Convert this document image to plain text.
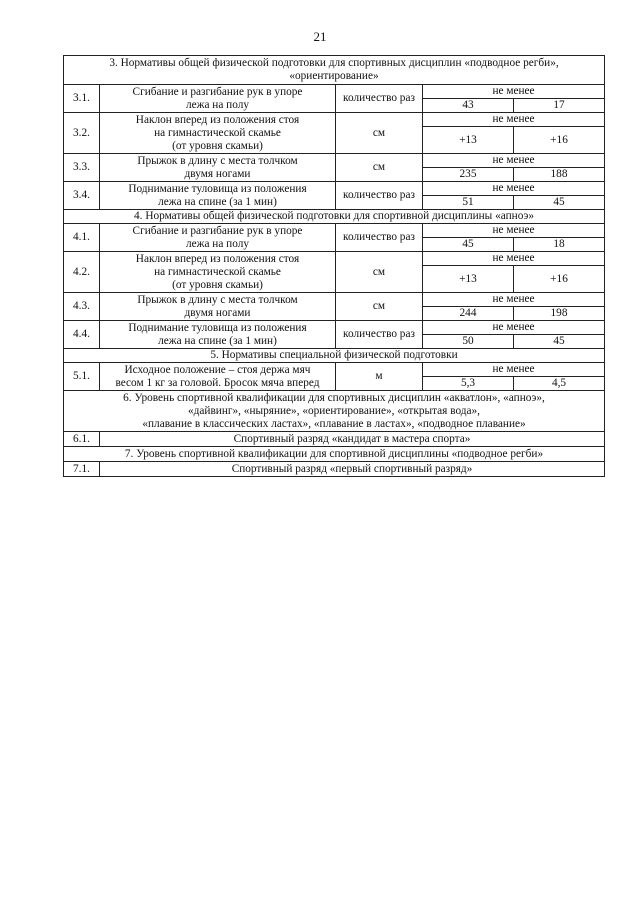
21
3. Нормативы общей физической подготовки для спортивных дисциплин «подводное регби», «ориентирование»				
3.1.	Сгибание и разгибание рук в упоре
лежа на полу	количество раз	не менее	
			43	17
3.2.	Наклон вперед из положения стоя
на гимнастической скамье
(от уровня скамьи)	см	не менее	
			+13	+16
3.3.	Прыжок в длину с места толчком
двумя ногами	см	не менее	
			235	188
3.4.	Поднимание туловища из положения
лежа на спине (за 1 мин)	количество раз	не менее	
			51	45
4. Нормативы общей физической подготовки для спортивной дисциплины «апноэ»				
4.1.	Сгибание и разгибание рук в упоре
лежа на полу	количество раз	не менее	
			45	18
4.2.	Наклон вперед из положения стоя
на гимнастической скамье
(от уровня скамьи)	см	не менее	
			+13	+16
4.3.	Прыжок в длину с места толчком
двумя ногами	см	не менее	
			244	198
4.4.	Поднимание туловища из положения
лежа на спине (за 1 мин)	количество раз	не менее	
			50	45
5. Нормативы специальной физической подготовки				
5.1.	Исходное положение – стоя держа мяч
весом 1 кг за головой. Бросок мяча вперед	м	не менее	
			5,3	4,5
6. Уровень спортивной квалификации для спортивных дисциплин «акватлон», «апноэ»,
«дайвинг», «ныряние», «ориентирование», «открытая вода»,
«плавание в классических ластах», «плавание в ластах», «подводное плавание»				
6.1.	Спортивный разряд «кандидат в мастера спорта»			
7. Уровень спортивной квалификации для спортивной дисциплины «подводное регби»				
7.1.	Спортивный разряд «первый спортивный разряд»			
